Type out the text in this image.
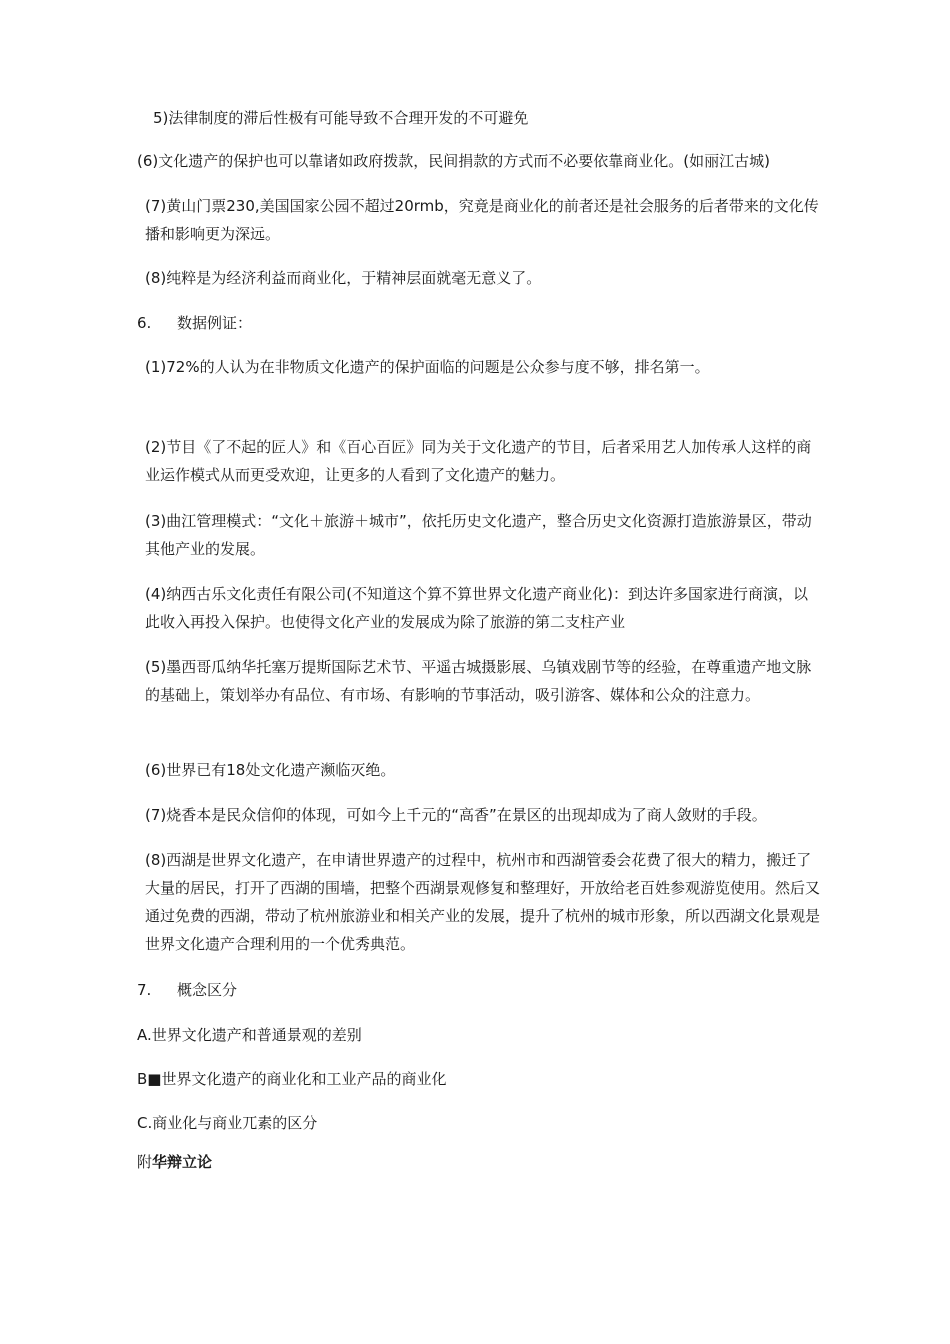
5)法律制度的滞后性极有可能导致不合理开发的不可避免

(6)文化遗产的保护也可以靠诸如政府拨款，民间捐款的方式而不必要依靠商业化。(如丽江古城)

(7)黄山门票230,美国国家公园不超过20rmb，究竟是商业化的前者还是社会服务的后者带来的文化传播和影响更为深远。

(8)纯粹是为经济利益而商业化，于精神层面就毫无意义了。

6. 数据例证：

(1)72%的人认为在非物质文化遗产的保护面临的问题是公众参与度不够，排名第一。

(2)节目《了不起的匠人》和《百心百匠》同为关于文化遗产的节目，后者采用艺人加传承人这样的商业运作模式从而更受欢迎，让更多的人看到了文化遗产的魅力。

(3)曲江管理模式：“文化＋旅游＋城市”，依托历史文化遗产，整合历史文化资源打造旅游景区，带动其他产业的发展。

(4)纳西古乐文化责任有限公司(不知道这个算不算世界文化遗产商业化)：到达许多国家进行商演，以此收入再投入保护。也使得文化产业的发展成为除了旅游的第二支柱产业

(5)墨西哥瓜纳华托塞万提斯国际艺术节、平遥古城摄影展、乌镇戏剧节等的经验，在尊重遗产地文脉的基础上，策划举办有品位、有市场、有影响的节事活动，吸引游客、媒体和公众的注意力。

(6)世界已有18处文化遗产濒临灭绝。

(7)烧香本是民众信仰的体现，可如今上千元的“高香”在景区的出现却成为了商人敛财的手段。

(8)西湖是世界文化遗产，在申请世界遗产的过程中，杭州市和西湖管委会花费了很大的精力，搬迁了大量的居民，打开了西湖的围墙，把整个西湖景观修复和整理好，开放给老百姓参观游览使用。然后又通过免费的西湖，带动了杭州旅游业和相关产业的发展，提升了杭州的城市形象，所以西湖文化景观是世界文化遗产合理利用的一个优秀典范。

7. 概念区分

A.世界文化遗产和普通景观的差别

B■世界文化遗产的商业化和工业产品的商业化

C.商业化与商业兀素的区分

附华辩立论
